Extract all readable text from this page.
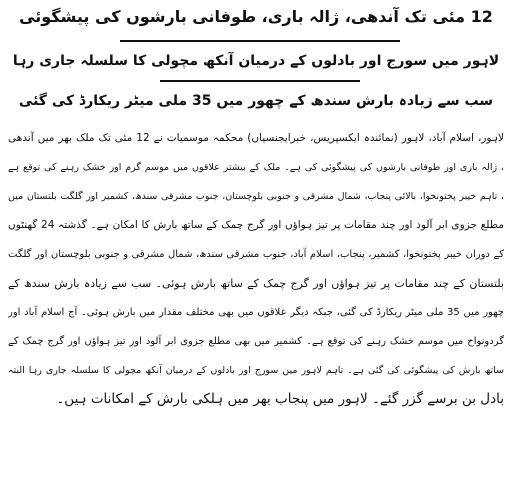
12 مئی تک آندھی، ژالہ باری، طوفانی بارشوں کی پیشگوئی
لاہور میں سورج اور بادلوں کے درمیان آنکھ مچولی کا سلسلہ جاری رہا
سب سے زیادہ بارش سندھ کے چھور میں 35 ملی میٹر ریکارڈ کی گئی
لاہور، اسلام آباد، لاہور (نمائندہ ایکسپریس، خبرایجنسیاں) محکمہ موسمیات نے 12 مئی تک ملک بھر میں آندھی
، ژالہ باری اور طوفانی بارشوں کی پیشگوئی کی ہے۔ ملک کے بیشتر علاقوں میں موسم گرم اور خشک رہنے کی توقع ہے
، تاہم خیبر پختونخوا، بالائی پنجاب، شمال مشرقی و جنوبی بلوچستان، جنوب مشرقی سندھ، کشمیر اور گلگت بلتستان میں
مطلع جزوی ابر آلود اور چند مقامات پر تیز ہواؤں اور گرج چمک کے ساتھ بارش کا امکان ہے۔ گذشتہ 24 گھنٹوں
کے دوران خیبر پختونخوا، کشمیر، پنجاب، اسلام آباد، جنوب مشرقی سندھ، شمال مشرقی و جنوبی بلوچستان اور گلگت
بلتستان کے چند مقامات پر تیز ہواؤں اور گرج چمک کے ساتھ بارش ہوئی۔ سب سے زیادہ بارش سندھ کے
چھور میں 35 ملی میٹر ریکارڈ کی گئی، جبکہ دیگر علاقوں میں بھی مختلف مقدار میں بارش ہوئی۔ آج اسلام آباد اور
گردونواح میں موسم خشک رہنے کی توقع ہے۔ کشمیر میں بھی مطلع جزوی ابر آلود اور تیز ہواؤں اور گرج چمک کے
ساتھ بارش کی پیشگوئی کی گئی ہے۔ تاہم لاہور میں سورج اور بادلوں کے درمیان آنکھ مچولی کا سلسلہ جاری رہا البتہ
بادل بن برسے گزر گئے۔ لاہور میں پنجاب بھر میں ہلکی بارش کے امکانات ہیں۔
